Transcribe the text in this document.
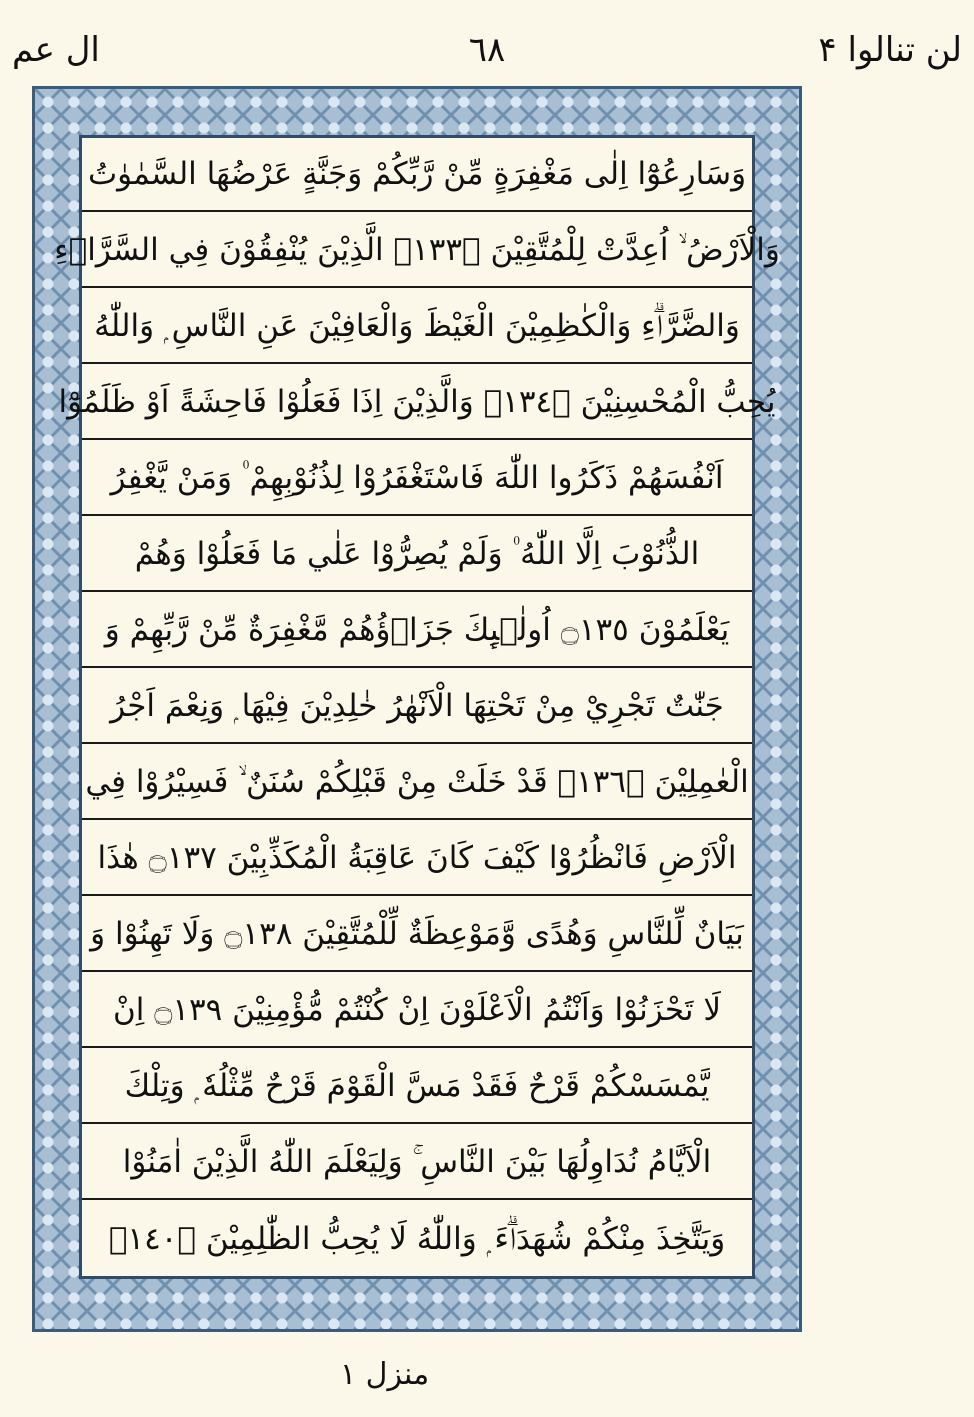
ال عم	٦٨	لن تنالوا ۴
وَسَارِعُوْٓا اِلٰى مَغْفِرَةٍ مِّنْ رَّبِّكُمْ وَجَنَّةٍ عَرْضُهَا السَّمٰوٰتُ
وَالْاَرْضُ ۙ اُعِدَّتْ لِلْمُتَّقِيْنَ ۝١٣٣ۙ الَّذِيْنَ يُنْفِقُوْنَ فِي السَّرَّاۗءِ
وَالضَّرَّاۗءِ وَالْكٰظِمِيْنَ الْغَيْظَ وَالْعَافِيْنَ عَنِ النَّاسِ ۭ وَاللّٰهُ
يُحِبُّ الْمُحْسِنِيْنَ ۝١٣٤ۚ وَالَّذِيْنَ اِذَا فَعَلُوْا فَاحِشَةً اَوْ ظَلَمُوْٓا
اَنْفُسَھُمْ ذَكَرُوا اللّٰهَ فَاسْتَغْفَرُوْا لِذُنُوْبِھِمْ ۠ وَمَنْ يَّغْفِرُ
الذُّنُوْبَ اِلَّا اللّٰهُ ۠ وَلَمْ يُصِرُّوْا عَلٰي مَا فَعَلُوْا وَھُمْ
يَعْلَمُوْنَ ۝١٣٥ اُولٰۗىِٕكَ جَزَاۗؤُھُمْ مَّغْفِرَةٌ مِّنْ رَّبِّهِمْ وَ
جَنّٰتٌ تَجْرِيْ مِنْ تَحْتِهَا الْاَنْهٰرُ خٰلِدِيْنَ فِيْھَا ۭ وَنِعْمَ اَجْرُ
الْعٰمِلِيْنَ ۝١٣٦ۭ قَدْ خَلَتْ مِنْ قَبْلِكُمْ سُنَنٌ ۙ فَسِيْرُوْا فِي
الْاَرْضِ فَانْظُرُوْا كَيْفَ كَانَ عَاقِبَةُ الْمُكَذِّبِيْنَ ۝١٣٧ ھٰذَا
بَيَانٌ لِّلنَّاسِ وَھُدًى وَّمَوْعِظَةٌ لِّلْمُتَّقِيْنَ ۝١٣٨ وَلَا تَهِنُوْا وَ
لَا تَحْزَنُوْا وَاَنْتُمُ الْاَعْلَوْنَ اِنْ كُنْتُمْ مُّؤْمِنِيْنَ ۝١٣٩ اِنْ
يَّمْسَسْكُمْ قَرْحٌ فَقَدْ مَسَّ الْقَوْمَ قَرْحٌ مِّثْلُهٗ ۭ وَتِلْكَ
الْاَيَّامُ نُدَاوِلُھَا بَيْنَ النَّاسِ ۚ وَلِيَعْلَمَ اللّٰهُ الَّذِيْنَ اٰمَنُوْا
وَيَتَّخِذَ مِنْكُمْ شُهَدَاۗءَ ۭ وَاللّٰهُ لَا يُحِبُّ الظّٰلِمِيْنَ ۝١٤٠ۙ
منزل ۱
